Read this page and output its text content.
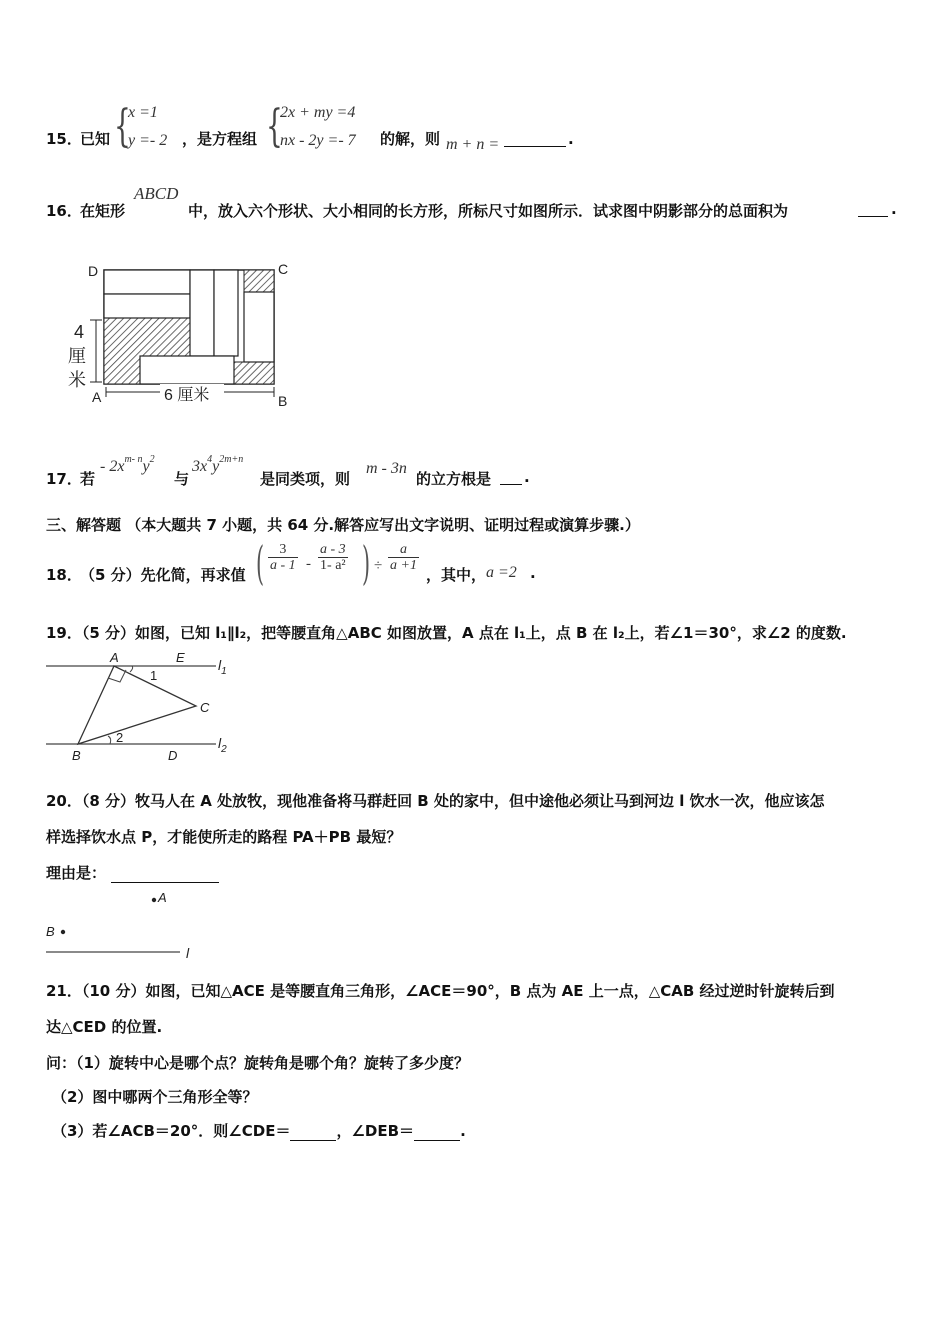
15．
已知 {
x =1
y =- 2 ，是方程组 {
2x + my =4
nx - 2y =- 7 的解，则 m + n =	.
16．
在矩形
ABCD
中，放入六个形状、大小相同的长方形，所标尺寸如图所示．试求图中阴影部分的总面积为	.
D	C
A	B
4
厘
米
6 厘米
17．
若
- $2x^{m- n}y^2$
与
$3x^4y^{2m+n}$
是同类项，则
m - 3n
的立方根是 .
三、解答题 （本大题共 7 小题，共 64 分.解答应写出文字说明、证明过程或演算步骤.）
18．
（5 分）先化简，再求值 ( $\frac{3}{a - 1} - \frac{a - 3}{\text{1- a²}}$ ) ÷ $\frac{a}{a +1}$
，其中， a =2 .
19．（5 分）如图，已知 l₁∥l₂，把等腰直角△ABC 如图放置，A 点在 l₁上，点 B 在 l₂上，若∠1＝30°，求∠2 的度数.
A	E $l_1$
1
C
2
B	D
$l_2$
20．（8 分）牧马人在 A 处放牧，现他准备将马群赶回 B 处的家中，但中途他必须让马到河边 l 饮水一次，他应该怎
样选择饮水点 P，才能使所走的路程 PA＋PB 最短？
理由是：
A
B
l
21．（10 分）如图，已知△ACE 是等腰直角三角形，∠ACE＝90°，B 点为 AE 上一点，△CAB 经过逆时针旋转后到
达△CED 的位置.
问：（1）旋转中心是哪个点？旋转角是哪个角？旋转了多少度？
（2）图中哪两个三角形全等？
（3）若∠ACB＝20°．则∠CDE＝	，∠DEB＝	.
